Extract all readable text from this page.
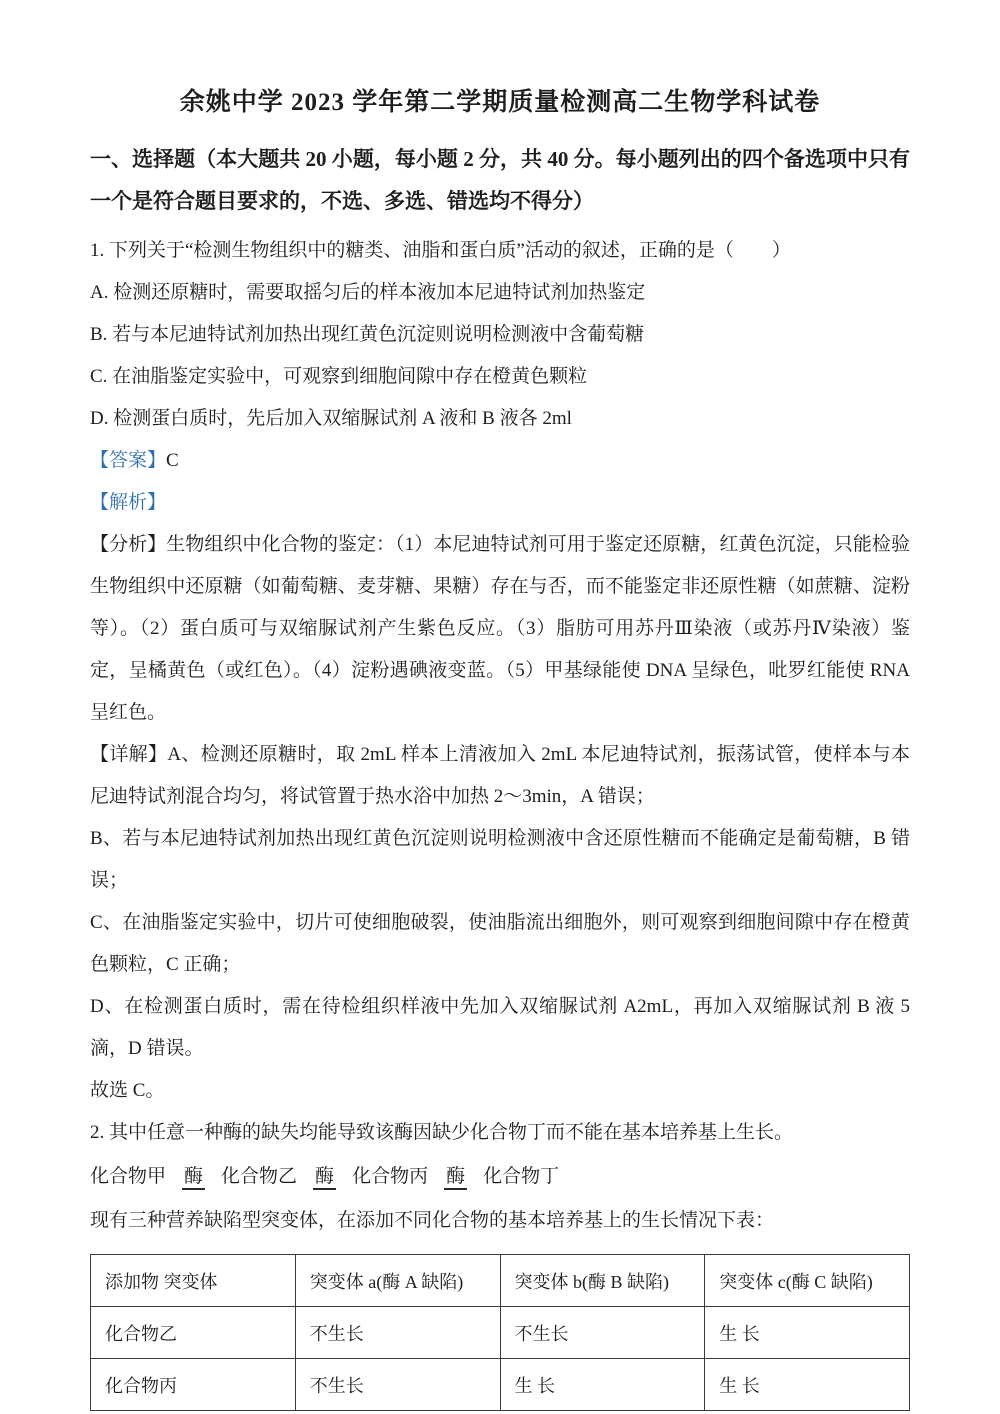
余姚中学 2023 学年第二学期质量检测高二生物学科试卷
一、选择题（本大题共 20 小题，每小题 2 分，共 40 分。每小题列出的四个备选项中只有一个是符合题目要求的，不选、多选、错选均不得分）

1. 下列关于“检测生物组织中的糖类、油脂和蛋白质”活动的叙述，正确的是（　　）

A. 检测还原糖时，需要取摇匀后的样本液加本尼迪特试剂加热鉴定

B. 若与本尼迪特试剂加热出现红黄色沉淀则说明检测液中含葡萄糖

C. 在油脂鉴定实验中，可观察到细胞间隙中存在橙黄色颗粒

D. 检测蛋白质时，先后加入双缩脲试剂 A 液和 B 液各 2ml

【答案】C

【解析】

【分析】生物组织中化合物的鉴定：（1）本尼迪特试剂可用于鉴定还原糖，红黄色沉淀，只能检验生物组织中还原糖（如葡萄糖、麦芽糖、果糖）存在与否，而不能鉴定非还原性糖（如蔗糖、淀粉等）。（2）蛋白质可与双缩脲试剂产生紫色反应。（3）脂肪可用苏丹Ⅲ染液（或苏丹Ⅳ染液）鉴定，呈橘黄色（或红色）。（4）淀粉遇碘液变蓝。（5）甲基绿能使 DNA 呈绿色，吡罗红能使 RNA 呈红色。

【详解】A、检测还原糖时，取 2mL 样本上清液加入 2mL 本尼迪特试剂，振荡试管，使样本与本尼迪特试剂混合均匀，将试管置于热水浴中加热 2～3min，A 错误；

B、若与本尼迪特试剂加热出现红黄色沉淀则说明检测液中含还原性糖而不能确定是葡萄糖，B 错误；

C、在油脂鉴定实验中，切片可使细胞破裂，使油脂流出细胞外，则可观察到细胞间隙中存在橙黄色颗粒，C 正确；

D、在检测蛋白质时，需在待检组织样液中先加入双缩脲试剂 A2mL，再加入双缩脲试剂 B 液 5 滴，D 错误。

故选 C。

2. 其中任意一种酶的缺失均能导致该酶因缺少化合物丁而不能在基本培养基上生长。

化合物甲 酶 化合物乙 酶 化合物丙 酶 化合物丁

现有三种营养缺陷型突变体，在添加不同化合物的基本培养基上的生长情况下表：

添加物 突变体	突变体 a(酶 A 缺陷)	突变体 b(酶 B 缺陷)	突变体 c(酶 C 缺陷)
化合物乙	不生长	不生长	生 长
化合物丙	不生长	生 长	生 长
